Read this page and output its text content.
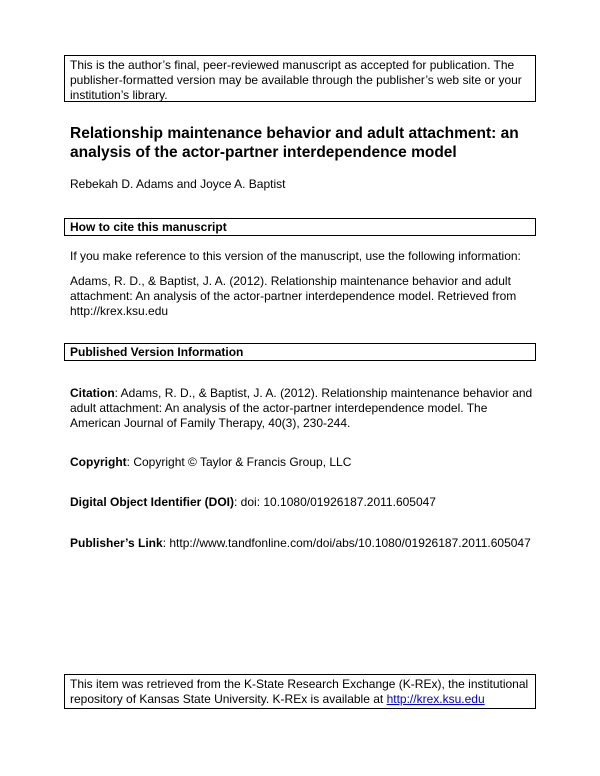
This is the author’s final, peer-reviewed manuscript as accepted for publication. The publisher-formatted version may be available through the publisher’s web site or your institution’s library.
Relationship maintenance behavior and adult attachment: an analysis of the actor-partner interdependence model
Rebekah D. Adams and Joyce A. Baptist
How to cite this manuscript
If you make reference to this version of the manuscript, use the following information:
Adams, R. D., & Baptist, J. A. (2012). Relationship maintenance behavior and adult attachment: An analysis of the actor-partner interdependence model. Retrieved from http://krex.ksu.edu
Published Version Information
Citation: Adams, R. D., & Baptist, J. A. (2012). Relationship maintenance behavior and adult attachment: An analysis of the actor-partner interdependence model. The American Journal of Family Therapy, 40(3), 230-244.
Copyright: Copyright © Taylor & Francis Group, LLC
Digital Object Identifier (DOI): doi: 10.1080/01926187.2011.605047
Publisher’s Link: http://www.tandfonline.com/doi/abs/10.1080/01926187.2011.605047
This item was retrieved from the K-State Research Exchange (K-REx), the institutional repository of Kansas State University. K-REx is available at http://krex.ksu.edu
